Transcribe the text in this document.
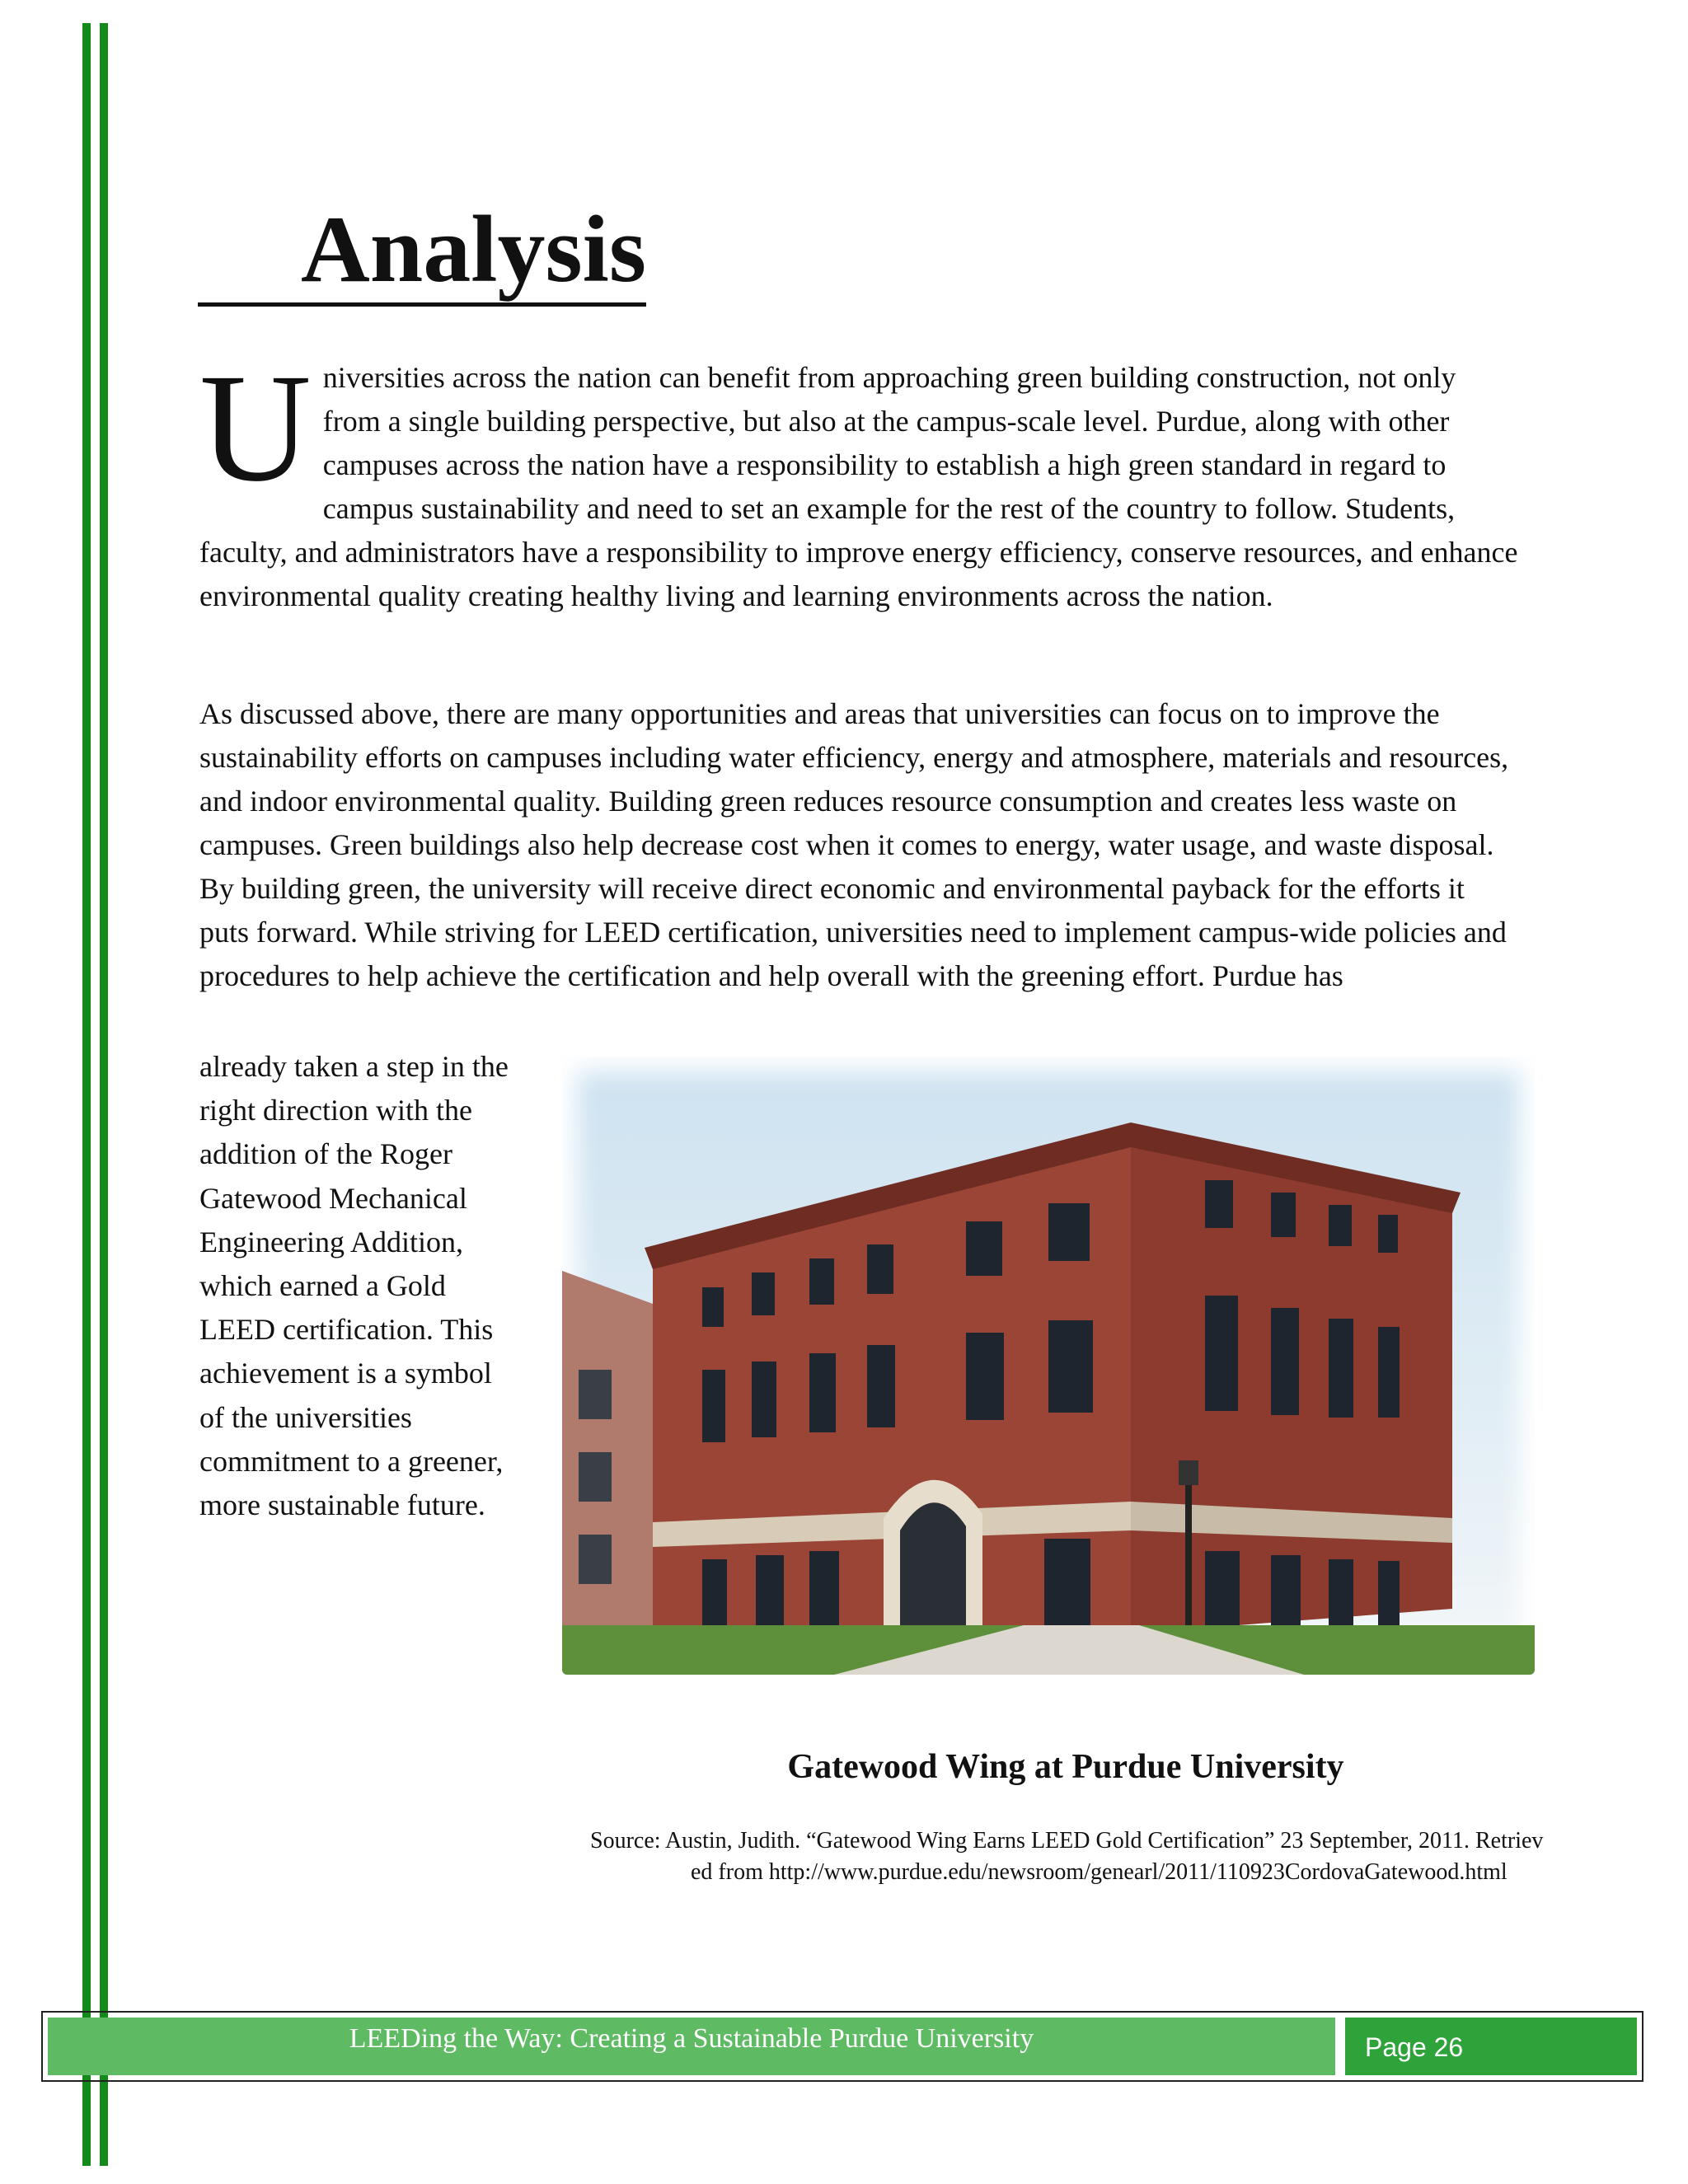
Analysis
U niversities across the nation can benefit from approaching green building construction, not only from a single building perspective, but also at the campus-scale level. Purdue, along with other campuses across the nation have a responsibility to establish a high green standard in regard to campus sustainability and need to set an example for the rest of the country to follow. Students, faculty, and administrators have a responsibility to improve energy efficiency, conserve resources, and enhance environmental quality creating healthy living and learning environments across the nation.
As discussed above, there are many opportunities and areas that universities can focus on to improve the sustainability efforts on campuses including water efficiency, energy and atmosphere, materials and resources, and indoor environmental quality. Building green reduces resource consumption and creates less waste on campuses. Green buildings also help decrease cost when it comes to energy, water usage, and waste disposal. By building green, the university will receive direct economic and environmental payback for the efforts it puts forward. While striving for LEED certification, universities need to implement campus-wide policies and procedures to help achieve the certification and help overall with the greening effort. Purdue has
already taken a step in the right direction with the addition of the Roger Gatewood Mechanical Engineering Addition, which earned a Gold LEED certification. This achievement is a symbol of the universities commitment to a greener, more sustainable future.
Gatewood Wing at Purdue University
Source: Austin, Judith. “Gatewood Wing Earns LEED Gold Certification” 23 September, 2011. Retrieved from http://www.purdue.edu/newsroom/genearl/2011/110923CordovaGatewood.html
LEEDing the Way: Creating a Sustainable Purdue University	Page 26
